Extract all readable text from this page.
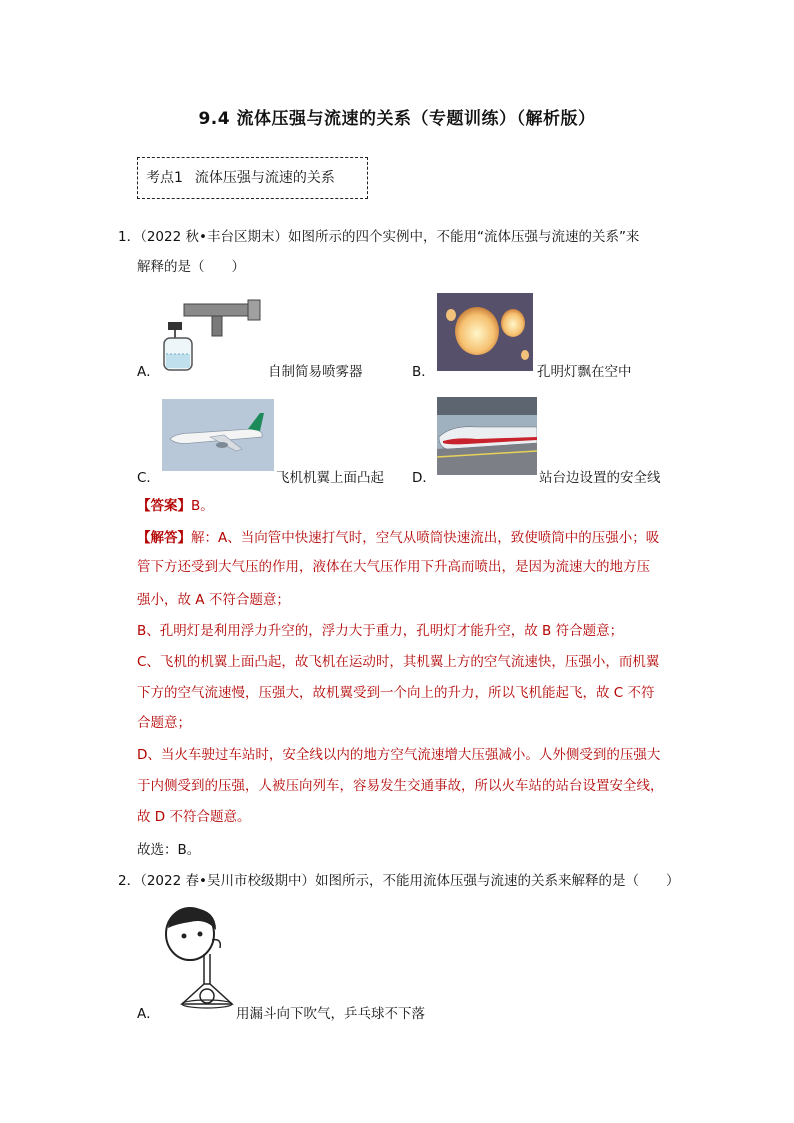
9.4 流体压强与流速的关系（专题训练）（解析版）
考点1 流体压强与流速的关系
1．（2022 秋•丰台区期末）如图所示的四个实例中，不能用“流体压强与流速的关系”来
解释的是（　　）
A．	自制简易喷雾器	B．	孔明灯飘在空中
C．	飞机机翼上面凸起 D．	站台边设置的安全线
【答案】B。
【解答】解：A、当向管中快速打气时，空气从喷筒快速流出，致使喷筒中的压强小；吸
管下方还受到大气压的作用，液体在大气压作用下升高而喷出，是因为流速大的地方压
强小，故 A 不符合题意；
B、孔明灯是利用浮力升空的，浮力大于重力，孔明灯才能升空，故 B 符合题意；
C、飞机的机翼上面凸起，故飞机在运动时，其机翼上方的空气流速快，压强小，而机翼
下方的空气流速慢，压强大，故机翼受到一个向上的升力，所以飞机能起飞，故 C 不符
合题意；
D、当火车驶过车站时，安全线以内的地方空气流速增大压强减小。人外侧受到的压强大
于内侧受到的压强，人被压向列车，容易发生交通事故，所以火车站的站台设置安全线，
故 D 不符合题意。
故选：B。
2．（2022 春•吴川市校级期中）如图所示，不能用流体压强与流速的关系来解释的是（　　）
A．	用漏斗向下吹气，乒乓球不下落
